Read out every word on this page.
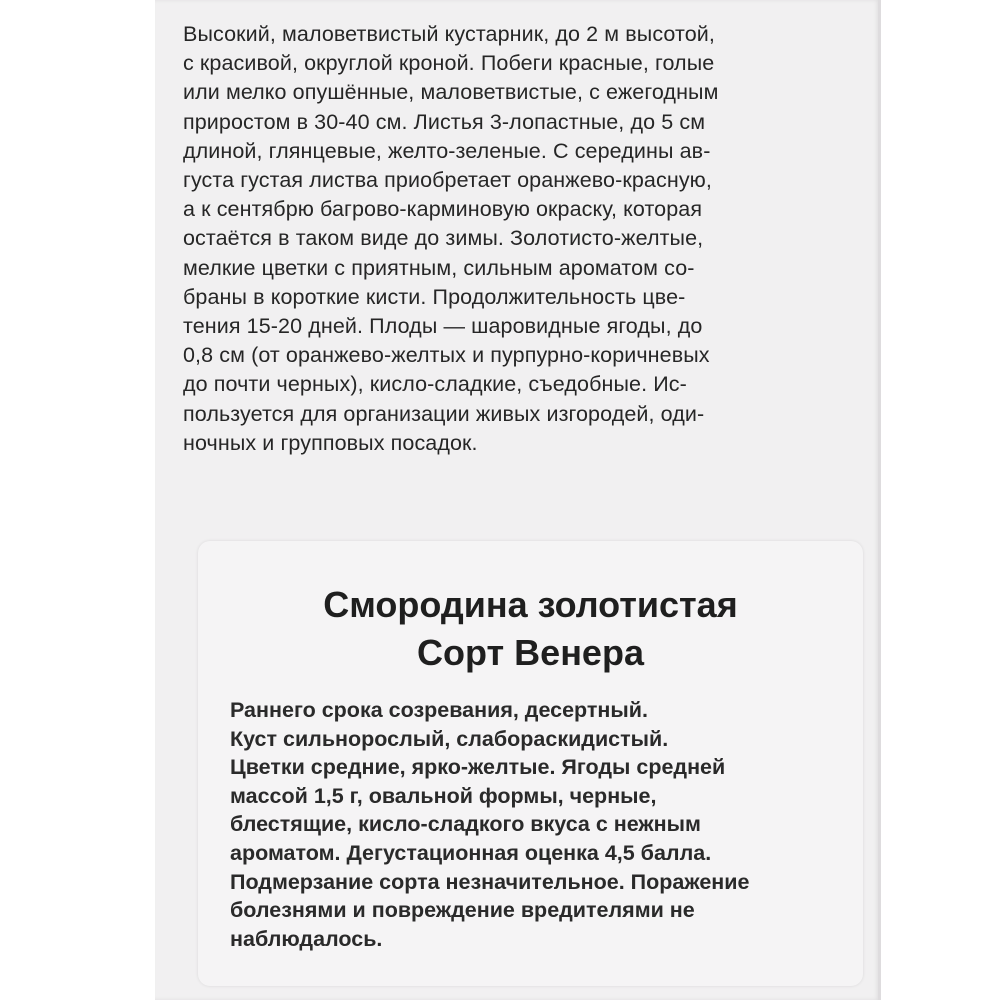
Высокий, маловетвистый кустарник, до 2 м высотой,
с красивой, округлой кроной. Побеги красные, голые
или мелко опушённые, маловетвистые, с ежегодным
приростом в 30-40 см. Листья 3-лопастные, до 5 см
длиной, глянцевые, желто-зеленые. С середины ав-
густа густая листва приобретает оранжево-красную,
а к сентябрю багрово-карминовую окраску, которая
остаётся в таком виде до зимы. Золотисто-желтые,
мелкие цветки с приятным, сильным ароматом со-
браны в короткие кисти. Продолжительность цве-
тения 15-20 дней. Плоды — шаровидные ягоды, до
0,8 см (от оранжево-желтых и пурпурно-коричневых
до почти черных), кисло-сладкие, съедобные. Ис-
пользуется для организации живых изгородей, оди-
ночных и групповых посадок.
Смородина золотистая
Сорт Венера
Раннего срока созревания, десертный.
Куст сильнорослый, слабораскидистый.
Цветки средние, ярко-желтые. Ягоды средней
массой 1,5 г, овальной формы, черные,
блестящие, кисло-сладкого вкуса с нежным
ароматом. Дегустационная оценка 4,5 балла.
Подмерзание сорта незначительное. Поражение
болезнями и повреждение вредителями не
наблюдалось.
